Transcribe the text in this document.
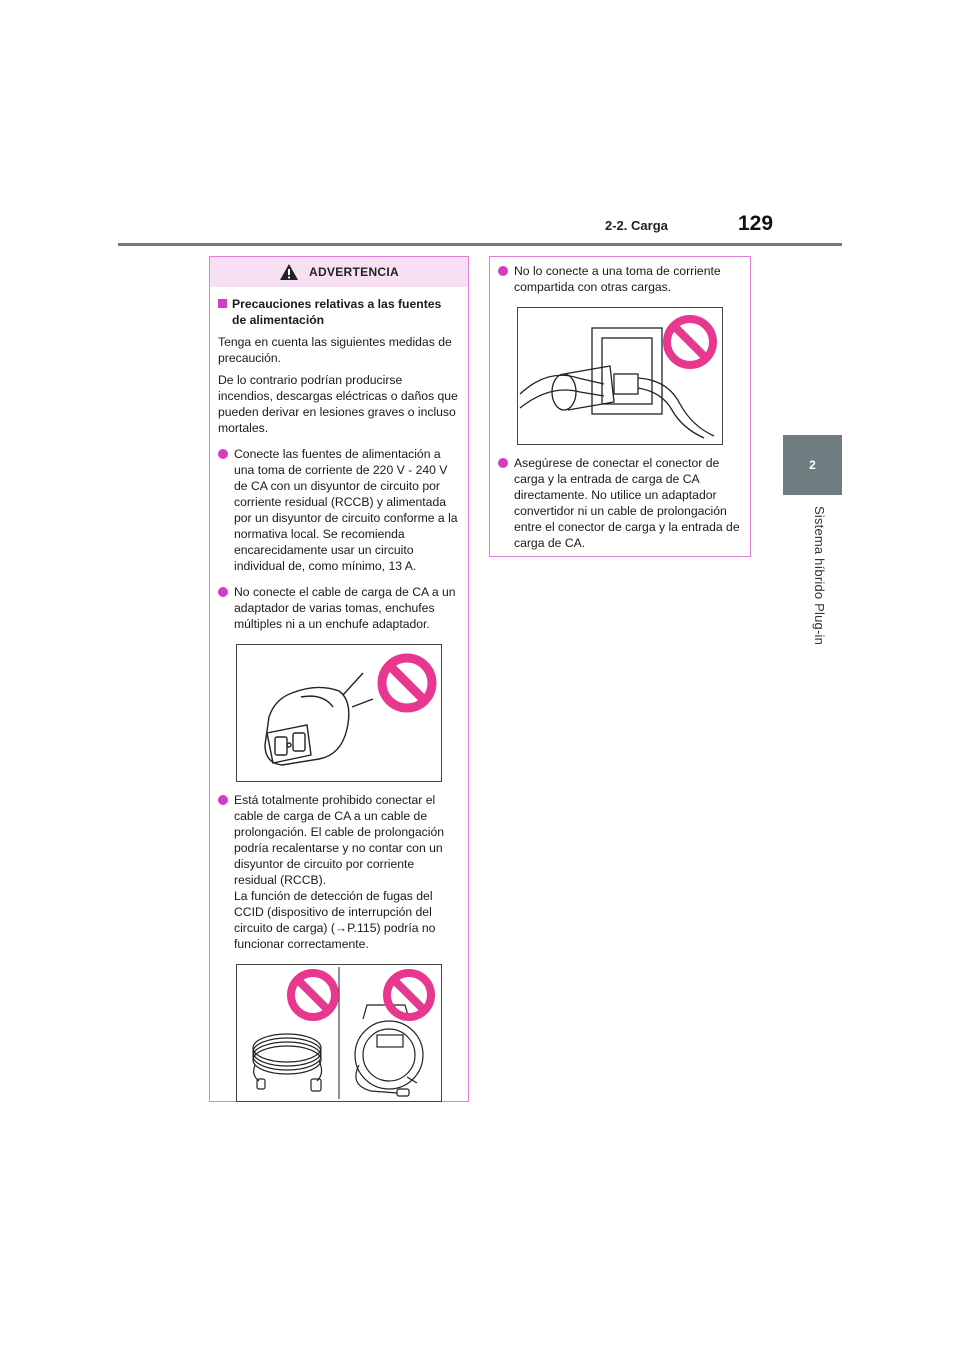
2-2. Carga	129
2
Sistema híbrido Plug-in
ADVERTENCIA
Precauciones relativas a las fuentes de alimentación

Tenga en cuenta las siguientes medidas de precaución.

De lo contrario podrían producirse incendios, descargas eléctricas o daños que pueden derivar en lesiones graves o incluso mortales.

Conecte las fuentes de alimentación a una toma de corriente de 220 V - 240 V de CA con un disyuntor de circuito por corriente residual (RCCB) y alimentada por un disyuntor de circuito conforme a la normativa local. Se recomienda encarecidamente usar un circuito individual de, como mínimo, 13 A.
No conecte el cable de carga de CA a un adaptador de varias tomas, enchufes múltiples ni a un enchufe adaptador.
Está totalmente prohibido conectar el cable de carga de CA a un cable de prolongación. El cable de prolongación podría recalentarse y no contar con un disyuntor de circuito por corriente residual (RCCB).
La función de detección de fugas del CCID (dispositivo de interrupción del circuito de carga) (→P.115) podría no funcionar correctamente.
No lo conecte a una toma de corriente compartida con otras cargas.
Asegúrese de conectar el conector de carga y la entrada de carga de CA directamente. No utilice un adaptador convertidor ni un cable de prolongación entre el conector de carga y la entrada de carga de CA.
